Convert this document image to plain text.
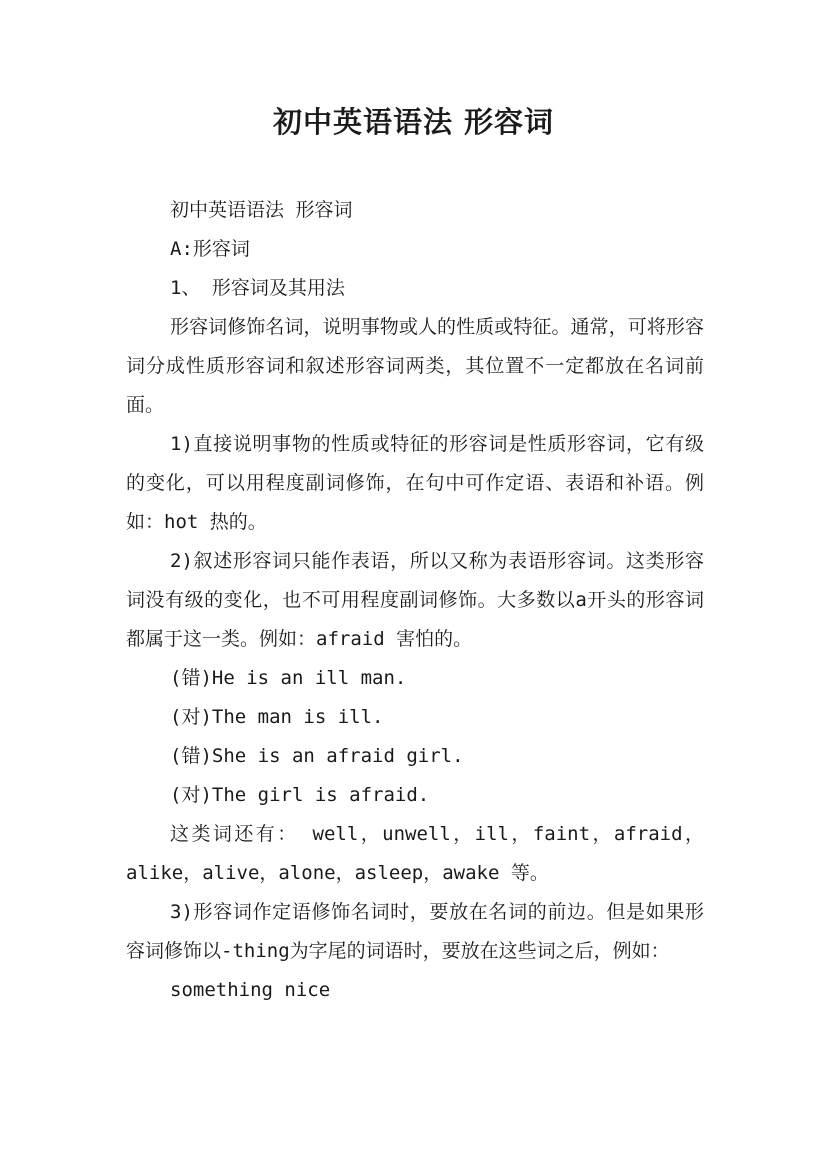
初中英语语法 形容词

初中英语语法 形容词

A:形容词

1、 形容词及其用法

形容词修饰名词，说明事物或人的性质或特征。通常，可将形容词分成性质形容词和叙述形容词两类，其位置不一定都放在名词前面。

1)直接说明事物的性质或特征的形容词是性质形容词，它有级的变化，可以用程度副词修饰，在句中可作定语、表语和补语。例如：hot 热的。

2)叙述形容词只能作表语，所以又称为表语形容词。这类形容词没有级的变化，也不可用程度副词修饰。大多数以a开头的形容词都属于这一类。例如：afraid 害怕的。

(错)He is an ill man.

(对)The man is ill.

(错)She is an afraid girl.

(对)The girl is afraid.

这类词还有： well，unwell，ill，faint，afraid，alike，alive，alone，asleep，awake 等。

3)形容词作定语修饰名词时，要放在名词的前边。但是如果形容词修饰以-thing为字尾的词语时，要放在这些词之后，例如：

something nice
